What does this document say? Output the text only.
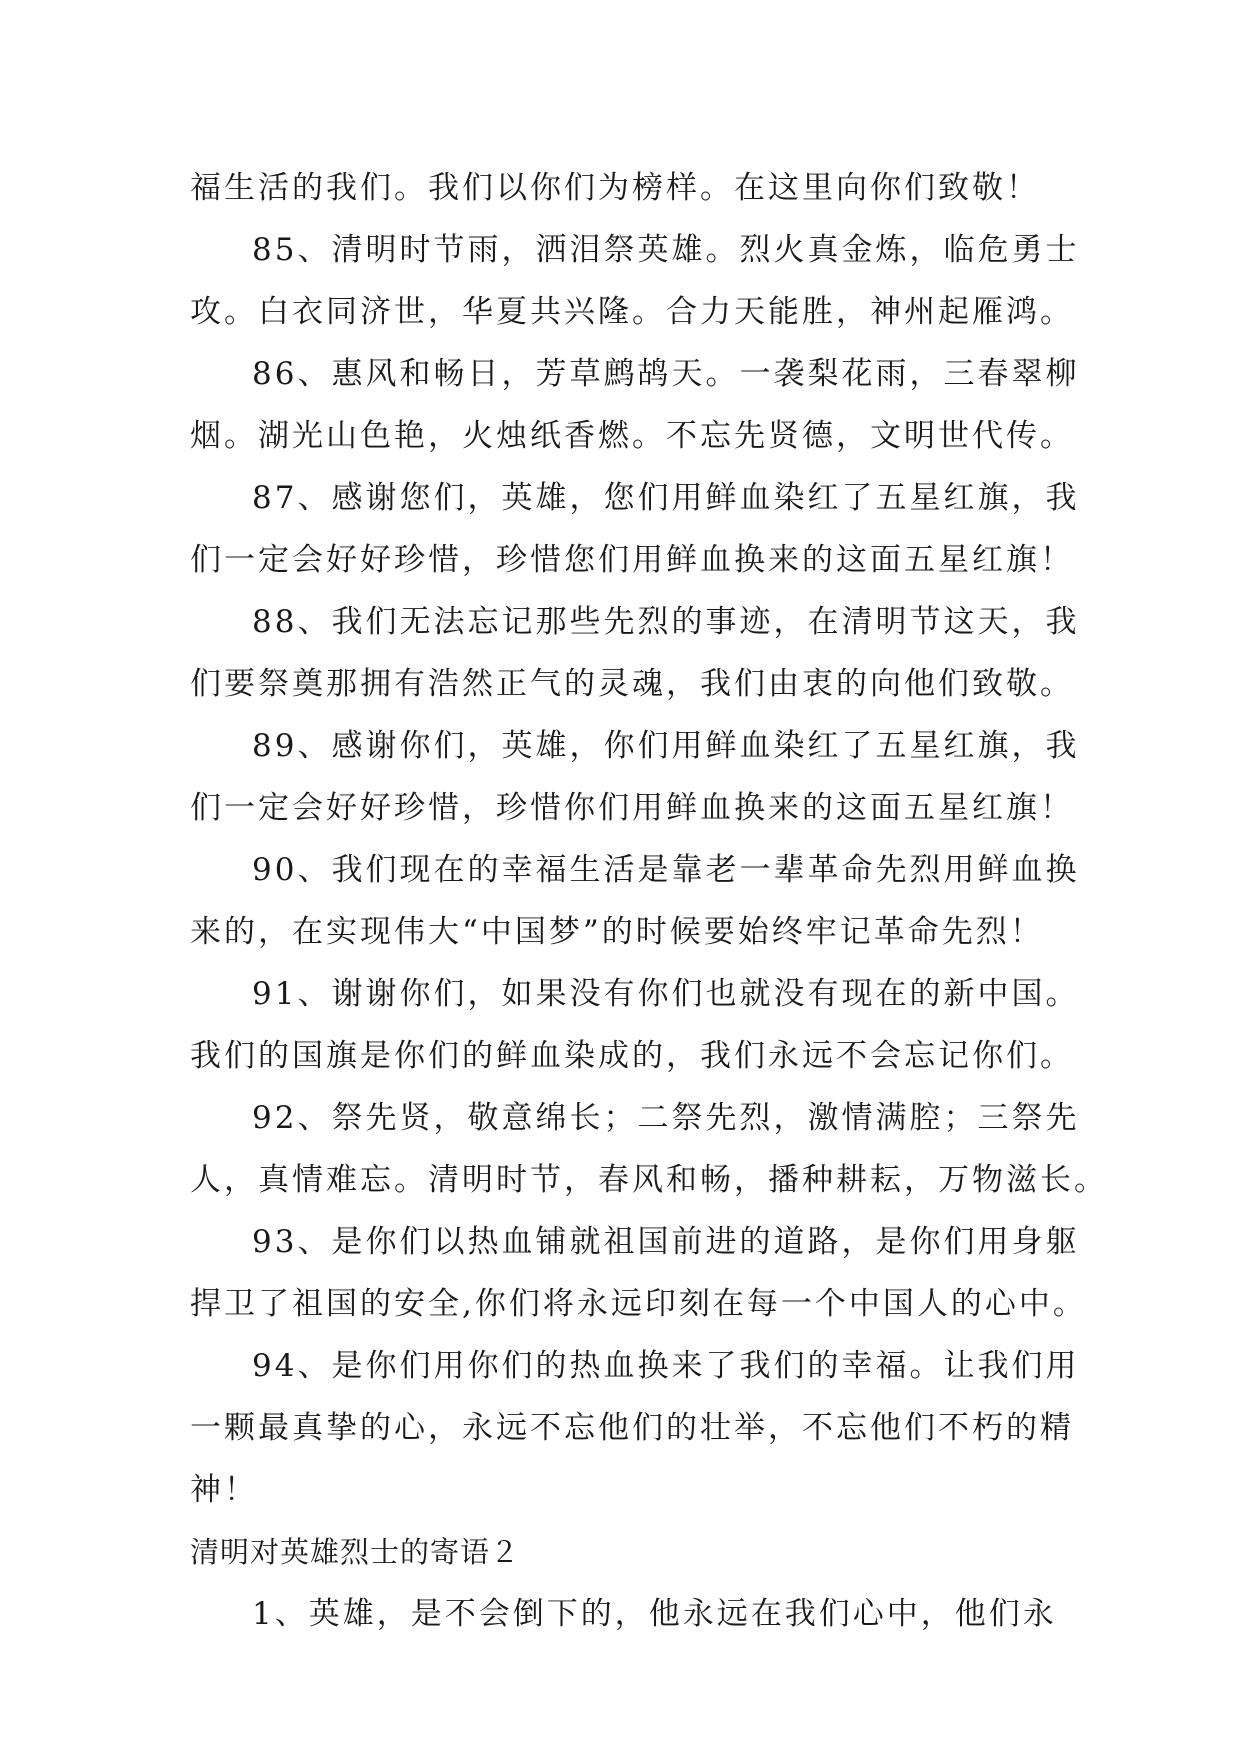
福生活的我们。我们以你们为榜样。在这里向你们致敬！
85、清明时节雨，洒泪祭英雄。烈火真金炼，临危勇士
攻。白衣同济世，华夏共兴隆。合力天能胜，神州起雁鸿。
86、惠风和畅日，芳草鹧鸪天。一袭梨花雨，三春翠柳
烟。湖光山色艳，火烛纸香燃。不忘先贤德，文明世代传。
87、感谢您们，英雄，您们用鲜血染红了五星红旗，我
们一定会好好珍惜，珍惜您们用鲜血换来的这面五星红旗！
88、我们无法忘记那些先烈的事迹，在清明节这天，我
们要祭奠那拥有浩然正气的灵魂，我们由衷的向他们致敬。
89、感谢你们，英雄，你们用鲜血染红了五星红旗，我
们一定会好好珍惜，珍惜你们用鲜血换来的这面五星红旗！
90、我们现在的幸福生活是靠老一辈革命先烈用鲜血换
来的，在实现伟大“中国梦”的时候要始终牢记革命先烈！
91、谢谢你们，如果没有你们也就没有现在的新中国。
我们的国旗是你们的鲜血染成的，我们永远不会忘记你们。
92、祭先贤，敬意绵长；二祭先烈，激情满腔；三祭先
人，真情难忘。清明时节，春风和畅，播种耕耘，万物滋长。
93、是你们以热血铺就祖国前进的道路，是你们用身躯
捍卫了祖国的安全,你们将永远印刻在每一个中国人的心中。
94、是你们用你们的热血换来了我们的幸福。让我们用
一颗最真挚的心，永远不忘他们的壮举，不忘他们不朽的精
神！
清明对英雄烈士的寄语２
1、英雄，是不会倒下的，他永远在我们心中，他们永
